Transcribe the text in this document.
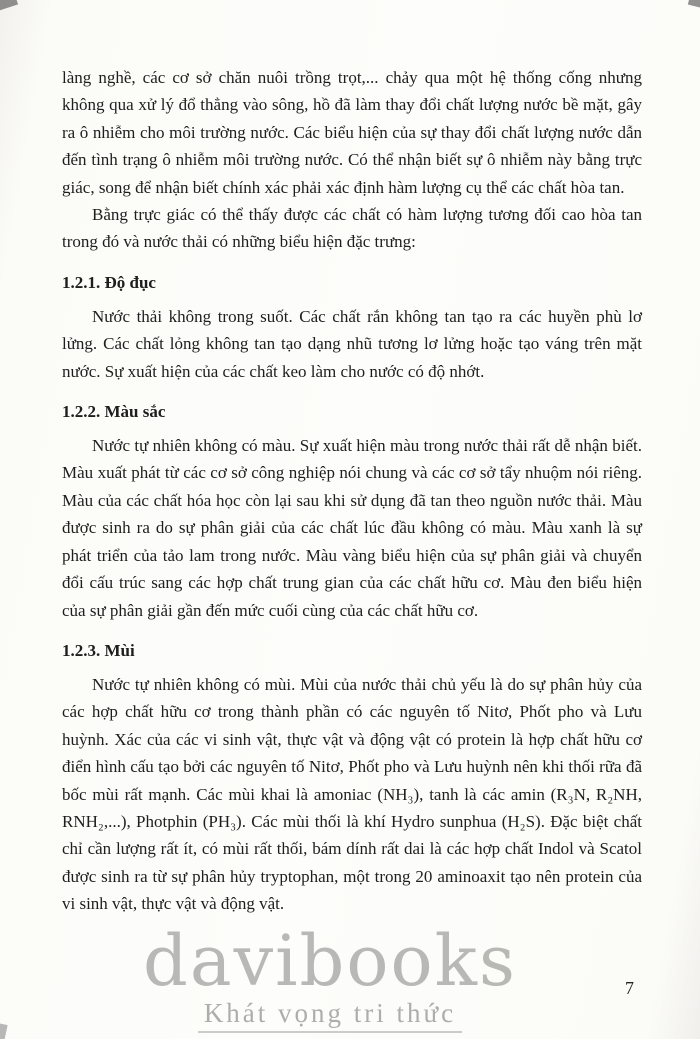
làng nghề, các cơ sở chăn nuôi trồng trọt,... chảy qua một hệ thống cống nhưng không qua xử lý đổ thẳng vào sông, hồ đã làm thay đổi chất lượng nước bề mặt, gây ra ô nhiễm cho môi trường nước. Các biểu hiện của sự thay đổi chất lượng nước dẫn đến tình trạng ô nhiễm môi trường nước. Có thể nhận biết sự ô nhiễm này bằng trực giác, song để nhận biết chính xác phải xác định hàm lượng cụ thể các chất hòa tan.

Bằng trực giác có thể thấy được các chất có hàm lượng tương đối cao hòa tan trong đó và nước thải có những biểu hiện đặc trưng:

1.2.1. Độ đục

Nước thải không trong suốt. Các chất rắn không tan tạo ra các huyền phù lơ lửng. Các chất lỏng không tan tạo dạng nhũ tương lơ lửng hoặc tạo váng trên mặt nước. Sự xuất hiện của các chất keo làm cho nước có độ nhớt.

1.2.2. Màu sắc

Nước tự nhiên không có màu. Sự xuất hiện màu trong nước thải rất dễ nhận biết. Màu xuất phát từ các cơ sở công nghiệp nói chung và các cơ sở tẩy nhuộm nói riêng. Màu của các chất hóa học còn lại sau khi sử dụng đã tan theo nguồn nước thải. Màu được sinh ra do sự phân giải của các chất lúc đầu không có màu. Màu xanh là sự phát triển của tảo lam trong nước. Màu vàng biểu hiện của sự phân giải và chuyển đổi cấu trúc sang các hợp chất trung gian của các chất hữu cơ. Màu đen biểu hiện của sự phân giải gần đến mức cuối cùng của các chất hữu cơ.

1.2.3. Mùi

Nước tự nhiên không có mùi. Mùi của nước thải chủ yếu là do sự phân hủy của các hợp chất hữu cơ trong thành phần có các nguyên tố Nitơ, Phốt pho và Lưu huỳnh. Xác của các vi sinh vật, thực vật và động vật có protein là hợp chất hữu cơ điển hình cấu tạo bởi các nguyên tố Nitơ, Phốt pho và Lưu huỳnh nên khi thối rữa đã bốc mùi rất mạnh. Các mùi khai là amoniac (NH₃), tanh là các amin (R₃N, R₂NH, RNH₂,...), Photphin (PH₃). Các mùi thối là khí Hydro sunphua (H₂S). Đặc biệt chất chỉ cần lượng rất ít, có mùi rất thối, bám dính rất dai là các hợp chất Indol và Scatol được sinh ra từ sự phân hủy tryptophan, một trong 20 aminoaxit tạo nên protein của vi sinh vật, thực vật và động vật.

davibooks
Khát vọng tri thức
7
